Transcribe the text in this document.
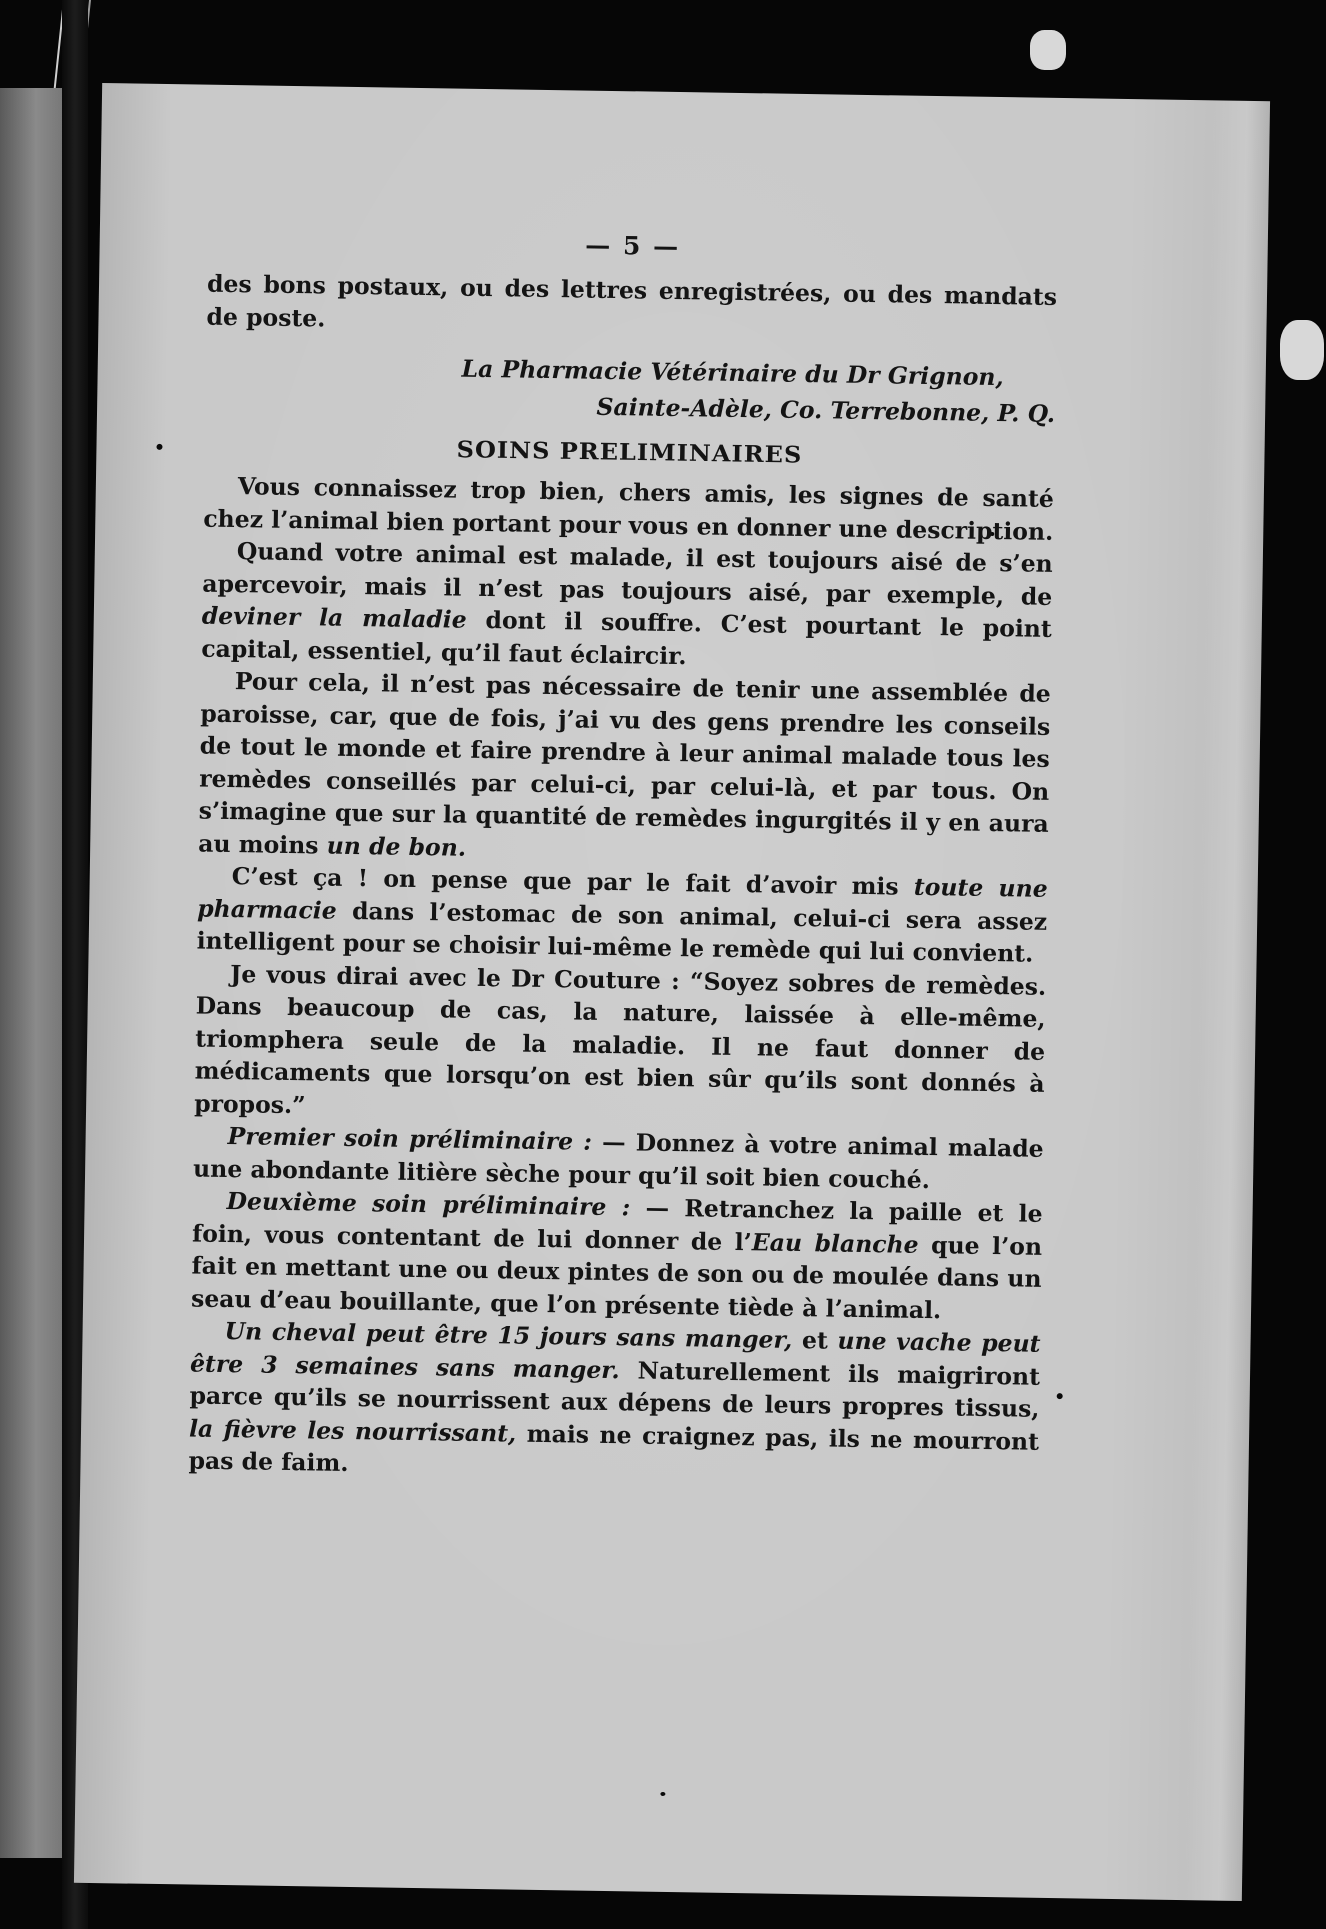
— 5 —

des bons postaux, ou des lettres enregistrées, ou des mandats de poste.

La Pharmacie Vétérinaire du Dr Grignon,
Sainte-Adèle, Co. Terrebonne, P. Q.
SOINS PRELIMINAIRES

Vous connaissez trop bien, chers amis, les signes de santé chez l’animal bien portant pour vous en donner une description.

Quand votre animal est malade, il est toujours aisé de s’en apercevoir, mais il n’est pas toujours aisé, par exemple, de deviner la maladie dont il souffre. C’est pourtant le point capital, essentiel, qu’il faut éclaircir.

Pour cela, il n’est pas nécessaire de tenir une assemblée de paroisse, car, que de fois, j’ai vu des gens prendre les conseils de tout le monde et faire prendre à leur animal malade tous les remèdes conseillés par celui-ci, par celui-là, et par tous. On s’imagine que sur la quantité de remèdes ingurgités il y en aura au moins un de bon.

C’est ça ! on pense que par le fait d’avoir mis toute une pharmacie dans l’estomac de son animal, celui-ci sera assez intelligent pour se choisir lui-même le remède qui lui convient.

Je vous dirai avec le Dr Couture : “Soyez sobres de remèdes. Dans beaucoup de cas, la nature, laissée à elle-même, triomphera seule de la maladie. Il ne faut donner de médicaments que lorsqu’on est bien sûr qu’ils sont donnés à propos.”

Premier soin préliminaire : — Donnez à votre animal malade une abondante litière sèche pour qu’il soit bien couché.

Deuxième soin préliminaire : — Retranchez la paille et le foin, vous contentant de lui donner de l’Eau blanche que l’on fait en mettant une ou deux pintes de son ou de moulée dans un seau d’eau bouillante, que l’on présente tiède à l’animal.

Un cheval peut être 15 jours sans manger, et une vache peut être 3 semaines sans manger. Naturellement ils maigriront parce qu’ils se nourrissent aux dépens de leurs propres tissus, la fièvre les nourrissant, mais ne craignez pas, ils ne mourront pas de faim.
